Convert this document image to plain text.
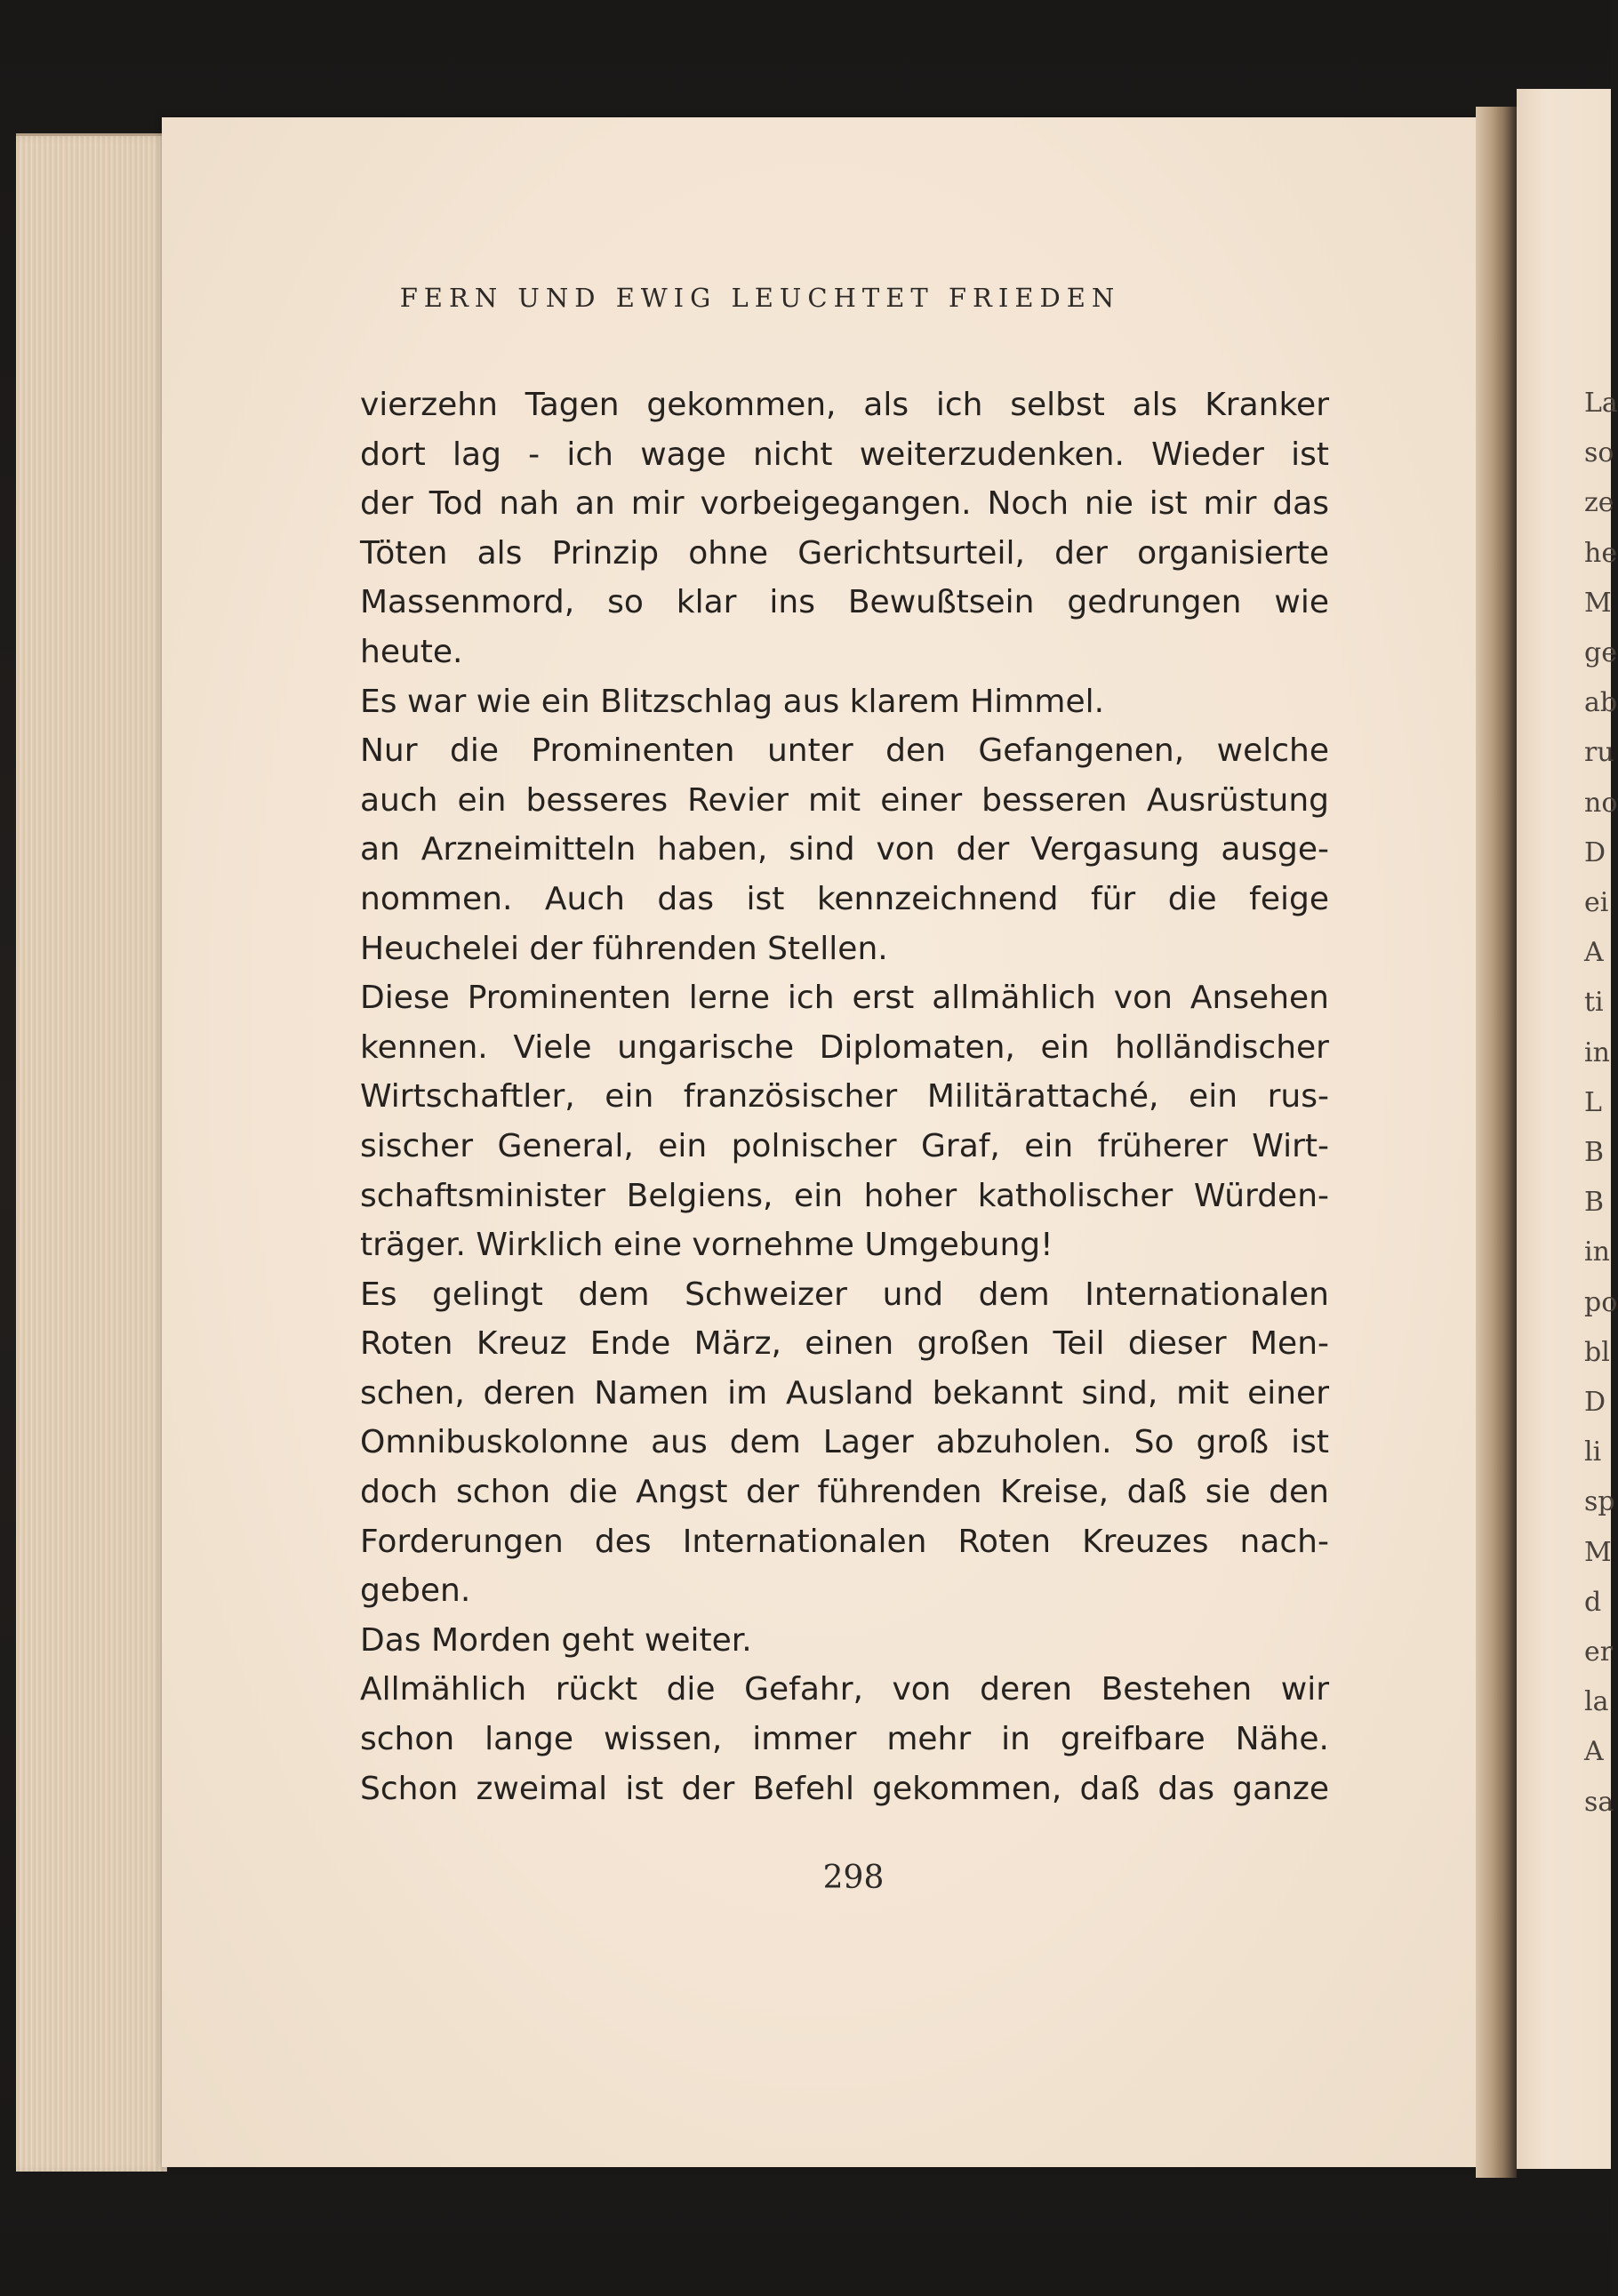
La
so
ze
he
M
ge
ab
ru
no
D
ei
A
ti
in
L
B
B
in
po
bl
D
li
sp
M
d
er
la
A
sa
FERN UND EWIG LEUCHTET FRIEDEN
vierzehn Tagen gekommen, als ich selbst als Kranker
dort lag - ich wage nicht weiterzudenken. Wieder ist
der Tod nah an mir vorbeigegangen. Noch nie ist mir das
Töten als Prinzip ohne Gerichtsurteil, der organisierte
Massenmord, so klar ins Bewußtsein gedrungen wie
heute.
Es war wie ein Blitzschlag aus klarem Himmel.
Nur die Prominenten unter den Gefangenen, welche
auch ein besseres Revier mit einer besseren Ausrüstung
an Arzneimitteln haben, sind von der Vergasung ausge-
nommen. Auch das ist kennzeichnend für die feige
Heuchelei der führenden Stellen.
Diese Prominenten lerne ich erst allmählich von Ansehen
kennen. Viele ungarische Diplomaten, ein holländischer
Wirtschaftler, ein französischer Militärattaché, ein rus-
sischer General, ein polnischer Graf, ein früherer Wirt-
schaftsminister Belgiens, ein hoher katholischer Würden-
träger. Wirklich eine vornehme Umgebung!
Es gelingt dem Schweizer und dem Internationalen
Roten Kreuz Ende März, einen großen Teil dieser Men-
schen, deren Namen im Ausland bekannt sind, mit einer
Omnibuskolonne aus dem Lager abzuholen. So groß ist
doch schon die Angst der führenden Kreise, daß sie den
Forderungen des Internationalen Roten Kreuzes nach-
geben.
Das Morden geht weiter.
Allmählich rückt die Gefahr, von deren Bestehen wir
schon lange wissen, immer mehr in greifbare Nähe.
Schon zweimal ist der Befehl gekommen, daß das ganze
298
